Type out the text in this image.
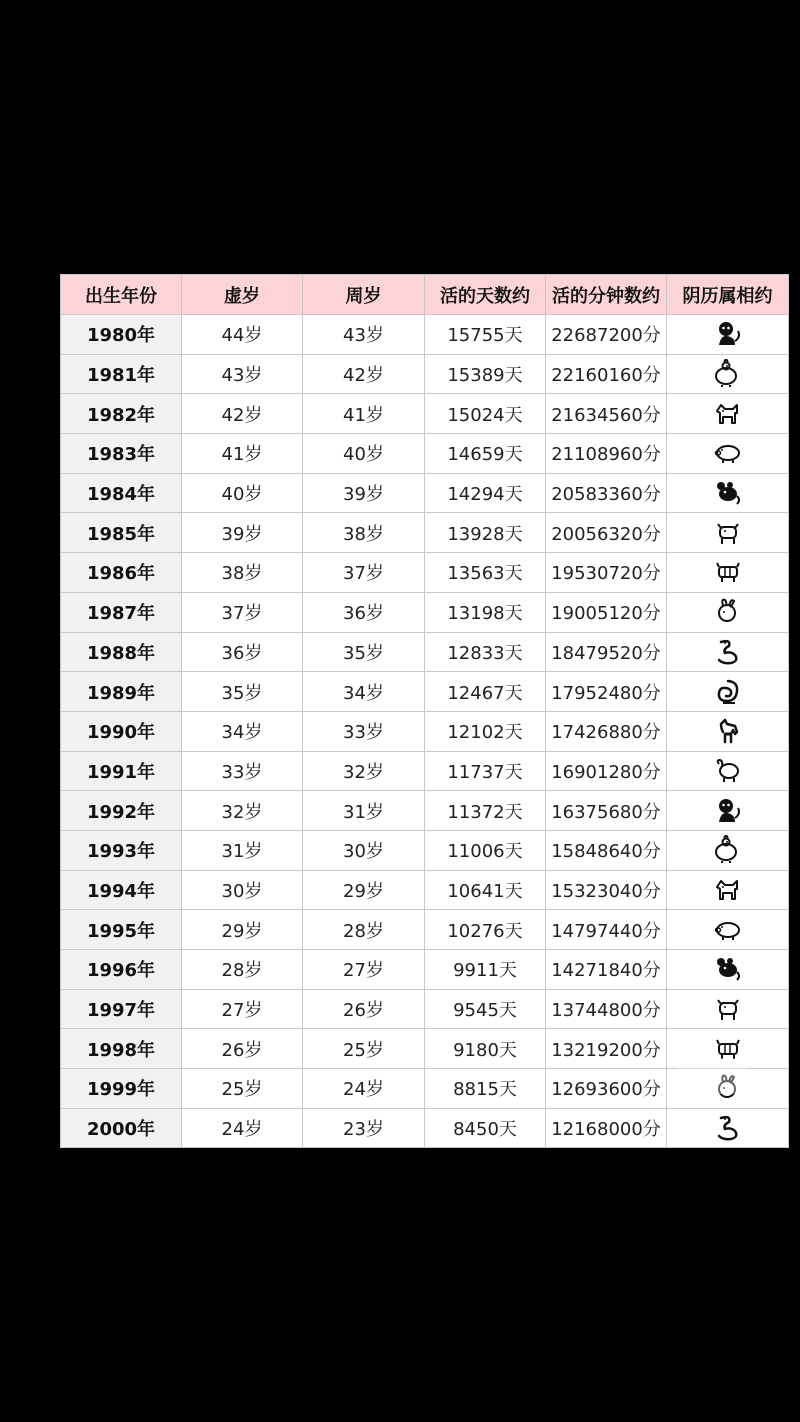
出生年份	虚岁	周岁	活的天数约	活的分钟数约	阴历属相约
1980年	44岁	43岁	15755天	22687200分	

1981年	43岁	42岁	15389天	22160160分	

1982年	42岁	41岁	15024天	21634560分	

1983年	41岁	40岁	14659天	21108960分	

1984年	40岁	39岁	14294天	20583360分	

1985年	39岁	38岁	13928天	20056320分	

1986年	38岁	37岁	13563天	19530720分	

1987年	37岁	36岁	13198天	19005120分	

1988年	36岁	35岁	12833天	18479520分	

1989年	35岁	34岁	12467天	17952480分	

1990年	34岁	33岁	12102天	17426880分	

1991年	33岁	32岁	11737天	16901280分	

1992年	32岁	31岁	11372天	16375680分	

1993年	31岁	30岁	11006天	15848640分	

1994年	30岁	29岁	10641天	15323040分	

1995年	29岁	28岁	10276天	14797440分	

1996年	28岁	27岁	9911天	14271840分	

1997年	27岁	26岁	9545天	13744800分	

1998年	26岁	25岁	9180天	13219200分	

1999年	25岁	24岁	8815天	12693600分	

2000年	24岁	23岁	8450天	12168000分	
